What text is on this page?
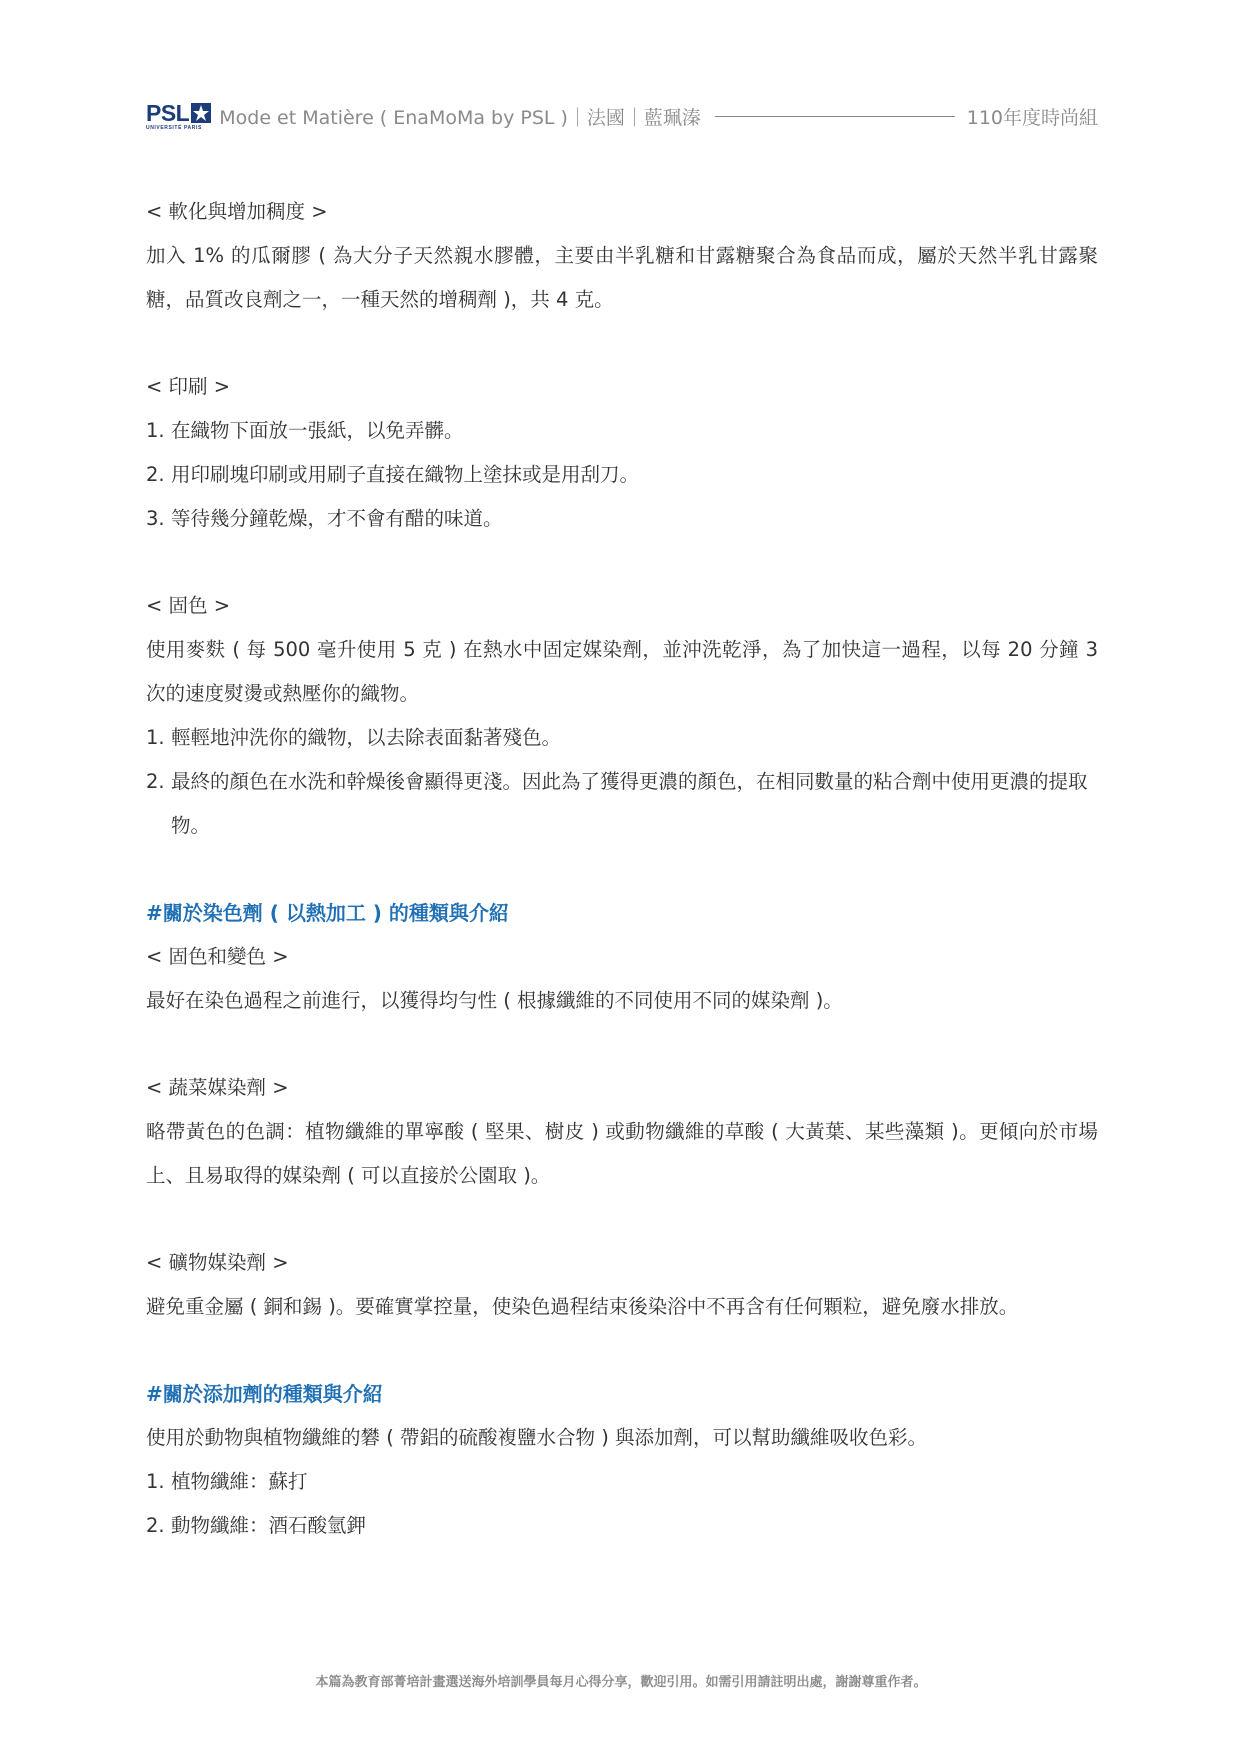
PSL
UNIVERSITÉ PARIS Mode et Matière ( EnaMoMa by PSL )｜法國｜藍珮溱	110年度時尚組

< 軟化與增加稠度 >

加入 1% 的瓜爾膠 ( 為大分子天然親水膠體，主要由半乳糖和甘露糖聚合為食品而成，屬於天然半乳甘露聚糖，品質改良劑之一，一種天然的增稠劑 )，共 4 克。

< 印刷 >

1. 在織物下面放一張紙，以免弄髒。
2. 用印刷塊印刷或用刷子直接在織物上塗抹或是用刮刀。
3. 等待幾分鐘乾燥，才不會有醋的味道。

< 固色 >

使用麥麩 ( 每 500 毫升使用 5 克 ) 在熱水中固定媒染劑，並沖洗乾淨，為了加快這一過程，以每 20 分鐘 3 次的速度熨燙或熱壓你的織物。

1. 輕輕地沖洗你的織物，以去除表面黏著殘色。
2. 最終的顏色在水洗和幹燥後會顯得更淺。因此為了獲得更濃的顏色，在相同數量的粘合劑中使用更濃的提取物。

#關於染色劑 ( 以熱加工 ) 的種類與介紹

< 固色和變色 >

最好在染色過程之前進行，以獲得均勻性 ( 根據纖維的不同使用不同的媒染劑 )。

< 蔬菜媒染劑 >

略帶黃色的色調：植物纖維的單寧酸 ( 堅果、樹皮 ) 或動物纖維的草酸 ( 大黃葉、某些藻類 )。更傾向於市場上、且易取得的媒染劑 ( 可以直接於公園取 )。

< 礦物媒染劑 >

避免重金屬 ( 銅和錫 )。要確實掌控量，使染色過程结束後染浴中不再含有任何顆粒，避免廢水排放。

#關於添加劑的種類與介紹

使用於動物與植物纖維的礬 ( 帶鋁的硫酸複鹽水合物 ) 與添加劑，可以幫助纖維吸收色彩。

1. 植物纖維：蘇打
2. 動物纖維：酒石酸氫鉀
本篇為教育部菁培計畫選送海外培訓學員每月心得分享，歡迎引用。如需引用請註明出處，謝謝尊重作者。
